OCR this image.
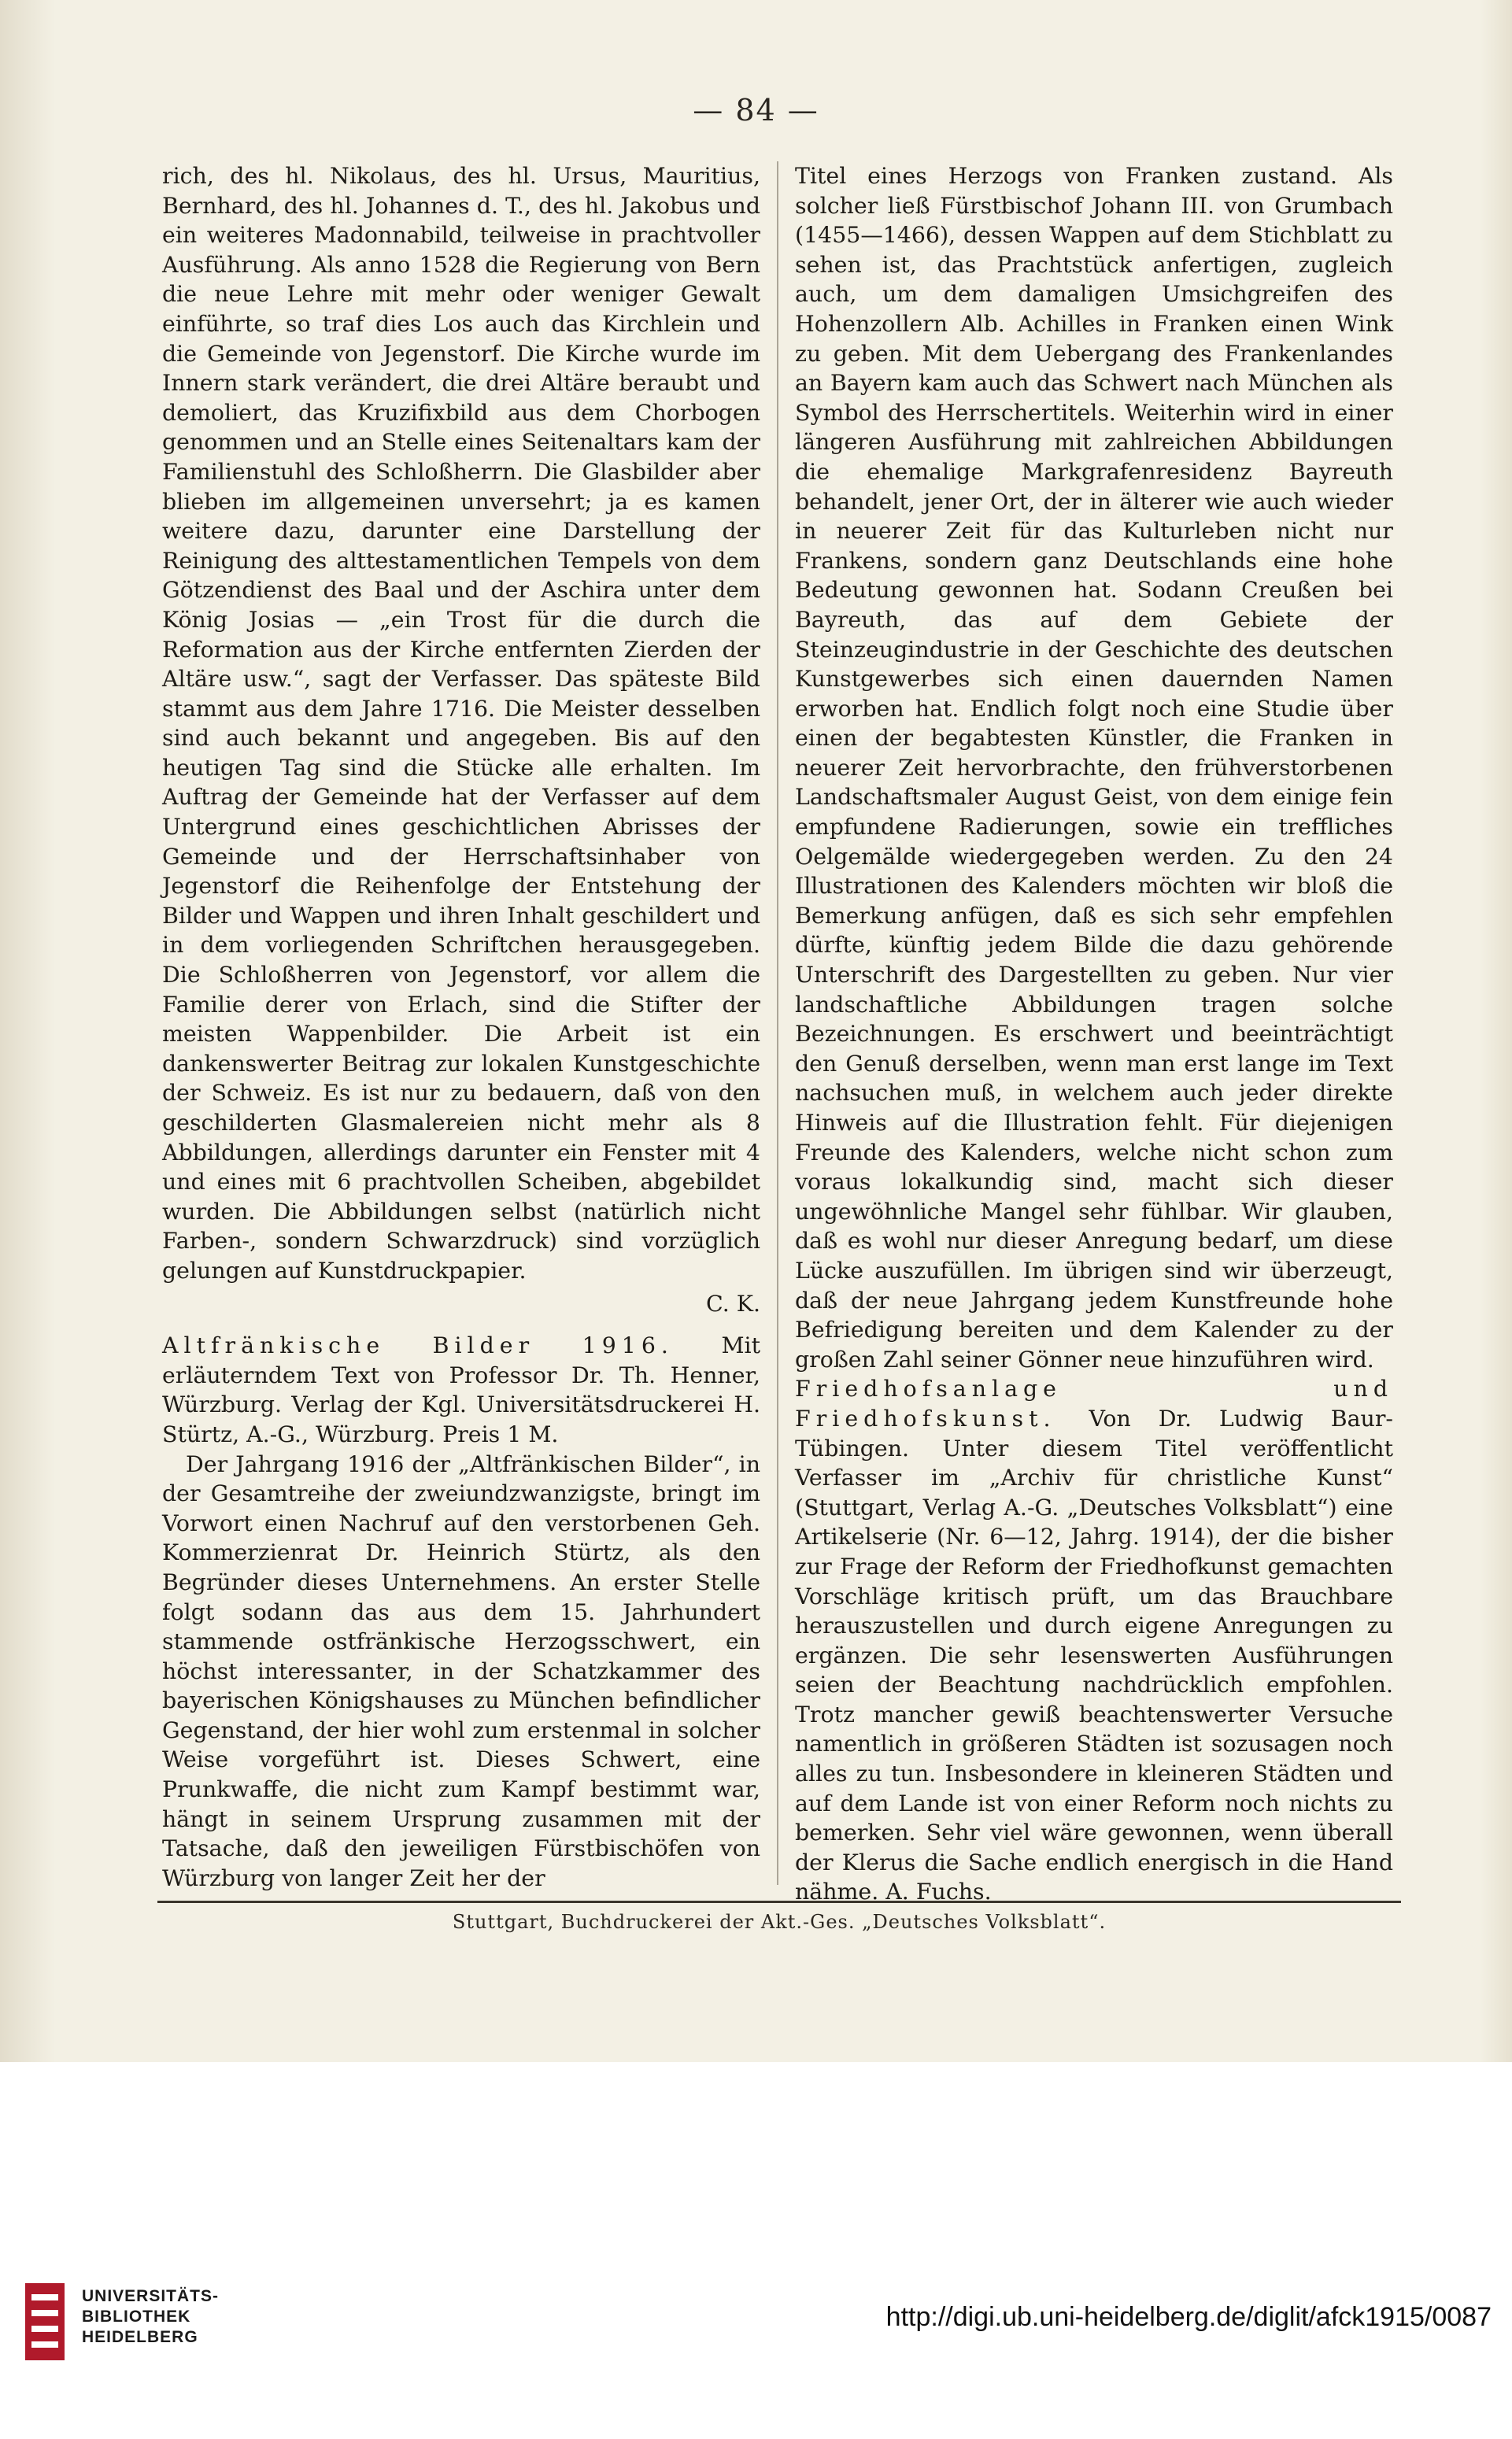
— 84 —

rich, des hl. Nikolaus, des hl. Ursus, Mauritius, Bernhard, des hl. Johannes d. T., des hl. Jakobus und ein weiteres Madonnabild, teilweise in prachtvoller Ausführung. Als anno 1528 die Regierung von Bern die neue Lehre mit mehr oder weniger Gewalt einführte, so traf dies Los auch das Kirchlein und die Gemeinde von Jegenstorf. Die Kirche wurde im Innern stark verändert, die drei Altäre beraubt und demoliert, das Kruzifixbild aus dem Chorbogen genommen und an Stelle eines Seitenaltars kam der Familienstuhl des Schloßherrn. Die Glasbilder aber blieben im allgemeinen unversehrt; ja es kamen weitere dazu, darunter eine Darstellung der Reinigung des alttestamentlichen Tempels von dem Götzendienst des Baal und der Aschira unter dem König Josias — „ein Trost für die durch die Reformation aus der Kirche entfernten Zierden der Altäre usw.“, sagt der Verfasser. Das späteste Bild stammt aus dem Jahre 1716. Die Meister desselben sind auch bekannt und angegeben. Bis auf den heutigen Tag sind die Stücke alle erhalten. Im Auftrag der Gemeinde hat der Verfasser auf dem Untergrund eines geschichtlichen Abrisses der Gemeinde und der Herrschaftsinhaber von Jegenstorf die Reihenfolge der Entstehung der Bilder und Wappen und ihren Inhalt geschildert und in dem vorliegenden Schriftchen herausgegeben. Die Schloßherren von Jegenstorf, vor allem die Familie derer von Erlach, sind die Stifter der meisten Wappenbilder. Die Arbeit ist ein dankenswerter Beitrag zur lokalen Kunstgeschichte der Schweiz. Es ist nur zu bedauern, daß von den geschilderten Glasmalereien nicht mehr als 8 Abbildungen, allerdings darunter ein Fenster mit 4 und eines mit 6 prachtvollen Scheiben, abgebildet wurden. Die Abbildungen selbst (natürlich nicht Farben-, sondern Schwarzdruck) sind vorzüglich gelungen auf Kunstdruckpapier.

C. K.

Altfränkische Bilder 1916. Mit erläuterndem Text von Professor Dr. Th. Henner, Würzburg. Verlag der Kgl. Universitätsdruckerei H. Stürtz, A.-G., Würzburg. Preis 1 M.

Der Jahrgang 1916 der „Altfränkischen Bilder“, in der Gesamtreihe der zweiundzwanzigste, bringt im Vorwort einen Nachruf auf den verstorbenen Geh. Kommerzienrat Dr. Heinrich Stürtz, als den Begründer dieses Unternehmens. An erster Stelle folgt sodann das aus dem 15. Jahrhundert stammende ostfränkische Herzogsschwert, ein höchst interessanter, in der Schatzkammer des bayerischen Königshauses zu München befindlicher Gegenstand, der hier wohl zum erstenmal in solcher Weise vorgeführt ist. Dieses Schwert, eine Prunkwaffe, die nicht zum Kampf bestimmt war, hängt in seinem Ursprung zusammen mit der Tatsache, daß den jeweiligen Fürstbischöfen von Würzburg von langer Zeit her der

Titel eines Herzogs von Franken zustand. Als solcher ließ Fürstbischof Johann III. von Grumbach (1455—1466), dessen Wappen auf dem Stichblatt zu sehen ist, das Prachtstück anfertigen, zugleich auch, um dem damaligen Umsichgreifen des Hohenzollern Alb. Achilles in Franken einen Wink zu geben. Mit dem Uebergang des Frankenlandes an Bayern kam auch das Schwert nach München als Symbol des Herrschertitels. Weiterhin wird in einer längeren Ausführung mit zahlreichen Abbildungen die ehemalige Markgrafenresidenz Bayreuth behandelt, jener Ort, der in älterer wie auch wieder in neuerer Zeit für das Kulturleben nicht nur Frankens, sondern ganz Deutschlands eine hohe Bedeutung gewonnen hat. Sodann Creußen bei Bayreuth, das auf dem Gebiete der Steinzeugindustrie in der Geschichte des deutschen Kunstgewerbes sich einen dauernden Namen erworben hat. Endlich folgt noch eine Studie über einen der begabtesten Künstler, die Franken in neuerer Zeit hervorbrachte, den frühverstorbenen Landschaftsmaler August Geist, von dem einige fein empfundene Radierungen, sowie ein treffliches Oelgemälde wiedergegeben werden. Zu den 24 Illustrationen des Kalenders möchten wir bloß die Bemerkung anfügen, daß es sich sehr empfehlen dürfte, künftig jedem Bilde die dazu gehörende Unterschrift des Dargestellten zu geben. Nur vier landschaftliche Abbildungen tragen solche Bezeichnungen. Es erschwert und beeinträchtigt den Genuß derselben, wenn man erst lange im Text nachsuchen muß, in welchem auch jeder direkte Hinweis auf die Illustration fehlt. Für diejenigen Freunde des Kalenders, welche nicht schon zum voraus lokalkundig sind, macht sich dieser ungewöhnliche Mangel sehr fühlbar. Wir glauben, daß es wohl nur dieser Anregung bedarf, um diese Lücke auszufüllen. Im übrigen sind wir überzeugt, daß der neue Jahrgang jedem Kunstfreunde hohe Befriedigung bereiten und dem Kalender zu der großen Zahl seiner Gönner neue hinzuführen wird.

Friedhofsanlage und Friedhofskunst. Von Dr. Ludwig Baur-Tübingen. Unter diesem Titel veröffentlicht Verfasser im „Archiv für christliche Kunst“ (Stuttgart, Verlag A.-G. „Deutsches Volksblatt“) eine Artikelserie (Nr. 6—12, Jahrg. 1914), der die bisher zur Frage der Reform der Friedhofkunst gemachten Vorschläge kritisch prüft, um das Brauchbare herauszustellen und durch eigene Anregungen zu ergänzen. Die sehr lesenswerten Ausführungen seien der Beachtung nachdrücklich empfohlen. Trotz mancher gewiß beachtenswerter Versuche namentlich in größeren Städten ist sozusagen noch alles zu tun. Insbesondere in kleineren Städten und auf dem Lande ist von einer Reform noch nichts zu bemerken. Sehr viel wäre gewonnen, wenn überall der Klerus die Sache endlich energisch in die Hand nähme. A. Fuchs.

Stuttgart, Buchdruckerei der Akt.-Ges. „Deutsches Volksblatt“.
UNIVERSITÄTS-
BIBLIOTHEK
HEIDELBERG
http://digi.ub.uni-heidelberg.de/diglit/afck1915/0087
